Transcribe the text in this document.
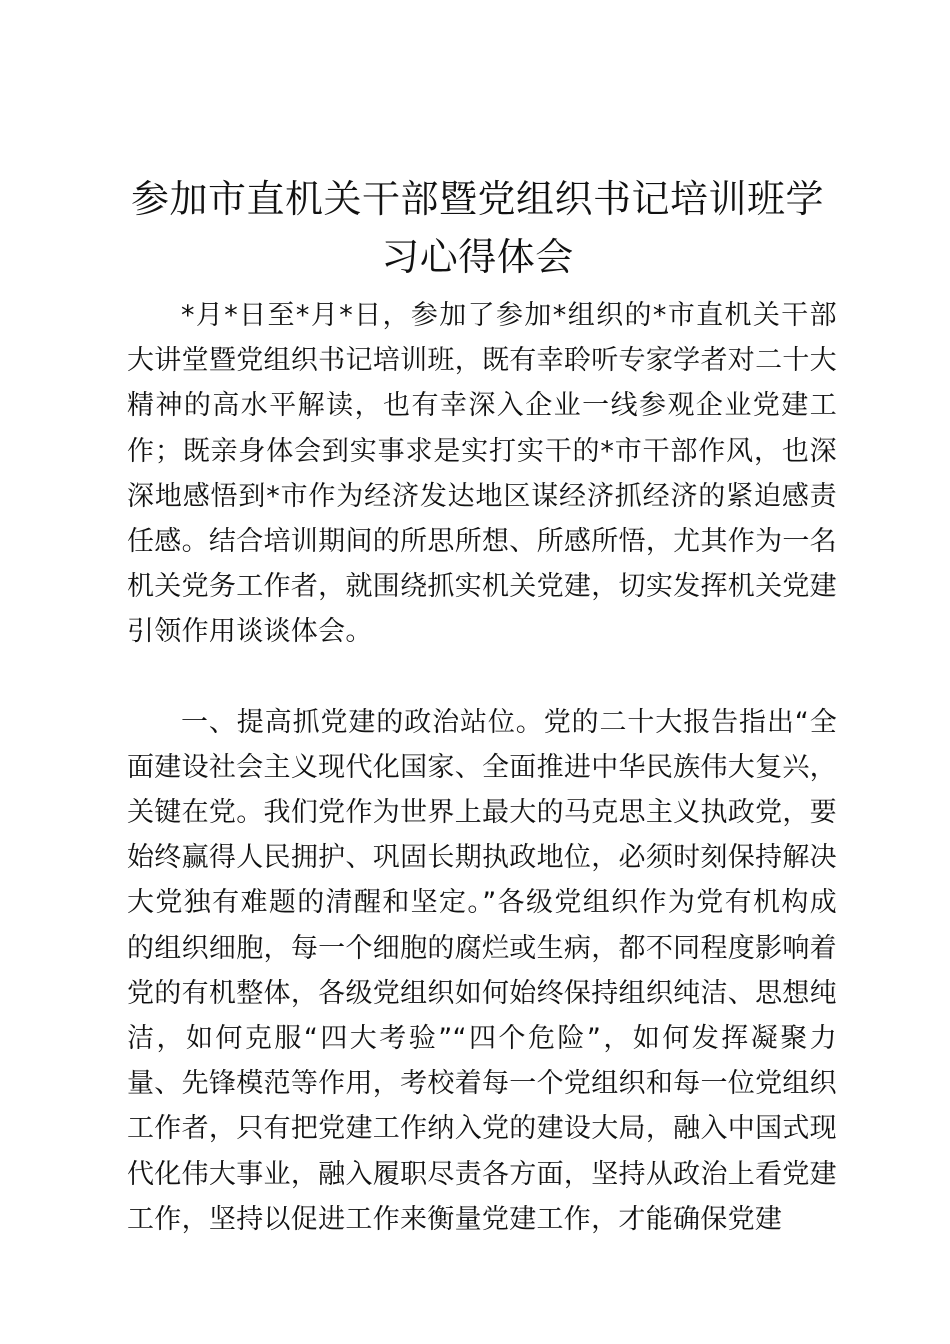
参加市直机关干部暨党组织书记培训班学习心得体会

*月*日至*月*日，参加了参加*组织的*市直机关干部大讲堂暨党组织书记培训班，既有幸聆听专家学者对二十大精神的高水平解读，也有幸深入企业一线参观企业党建工作；既亲身体会到实事求是实打实干的*市干部作风，也深深地感悟到*市作为经济发达地区谋经济抓经济的紧迫感责任感。结合培训期间的所思所想、所感所悟，尤其作为一名机关党务工作者，就围绕抓实机关党建，切实发挥机关党建引领作用谈谈体会。

一、提高抓党建的政治站位。党的二十大报告指出“全面建设社会主义现代化国家、全面推进中华民族伟大复兴，关键在党。我们党作为世界上最大的马克思主义执政党，要始终赢得人民拥护、巩固长期执政地位，必须时刻保持解决大党独有难题的清醒和坚定。”各级党组织作为党有机构成的组织细胞，每一个细胞的腐烂或生病，都不同程度影响着党的有机整体，各级党组织如何始终保持组织纯洁、思想纯洁，如何克服“四大考验”“四个危险”，如何发挥凝聚力量、先锋模范等作用，考校着每一个党组织和每一位党组织工作者，只有把党建工作纳入党的建设大局，融入中国式现代化伟大事业，融入履职尽责各方面，坚持从政治上看党建工作，坚持以促进工作来衡量党建工作，才能确保党建
